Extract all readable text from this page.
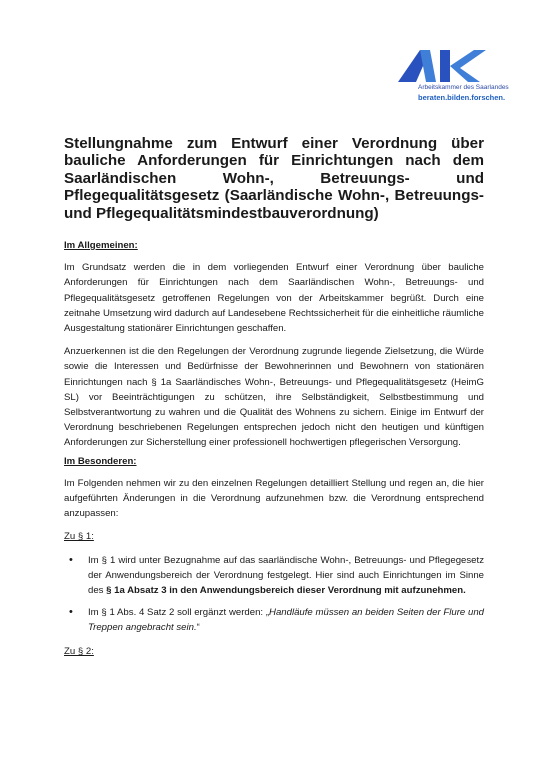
Arbeitskammer des Saarlandes
beraten.bilden.forschen.
Stellungnahme zum Entwurf einer Verordnung über bauliche Anforderungen für Einrichtungen nach dem Saarländischen Wohn-, Betreuungs- und Pflegequalitätsgesetz (Saarländische Wohn-, Betreuungs- und Pflegequalitätsmindestbauverordnung)

Im Allgemeinen:

Im Grundsatz werden die in dem vorliegenden Entwurf einer Verordnung über bauliche Anforderungen für Einrichtungen nach dem Saarländischen Wohn-, Betreuungs- und Pflegequalitätsgesetz getroffenen Regelungen von der Arbeitskammer begrüßt. Durch eine zeitnahe Umsetzung wird dadurch auf Landesebene Rechtssicherheit für die einheitliche räumliche Ausgestaltung stationärer Einrichtungen geschaffen.

Anzuerkennen ist die den Regelungen der Verordnung zugrunde liegende Zielsetzung, die Würde sowie die Interessen und Bedürfnisse der Bewohnerinnen und Bewohnern von stationären Einrichtungen nach § 1a Saarländisches Wohn-, Betreuungs- und Pflegequalitätsgesetz (HeimG SL) vor Beeinträchtigungen zu schützen, ihre Selbständigkeit, Selbstbestimmung und Selbstverantwortung zu wahren und die Qualität des Wohnens zu sichern. Einige im Entwurf der Verordnung beschriebenen Regelungen entsprechen jedoch nicht den heutigen und künftigen Anforderungen zur Sicherstellung einer professionell hochwertigen pflegerischen Versorgung.

Im Besonderen:

Im Folgenden nehmen wir zu den einzelnen Regelungen detailliert Stellung und regen an, die hier aufgeführten Änderungen in die Verordnung aufzunehmen bzw. die Verordnung entsprechend anzupassen:

Zu § 1:

• Im § 1 wird unter Bezugnahme auf das saarländische Wohn-, Betreuungs- und Pflegegesetz der Anwendungsbereich der Verordnung festgelegt. Hier sind auch Einrichtungen im Sinne des § 1a Absatz 3 in den Anwendungsbereich dieser Verordnung mit aufzunehmen.
• Im § 1 Abs. 4 Satz 2 soll ergänzt werden: „Handläufe müssen an beiden Seiten der Flure und Treppen angebracht sein.“

Zu § 2:
